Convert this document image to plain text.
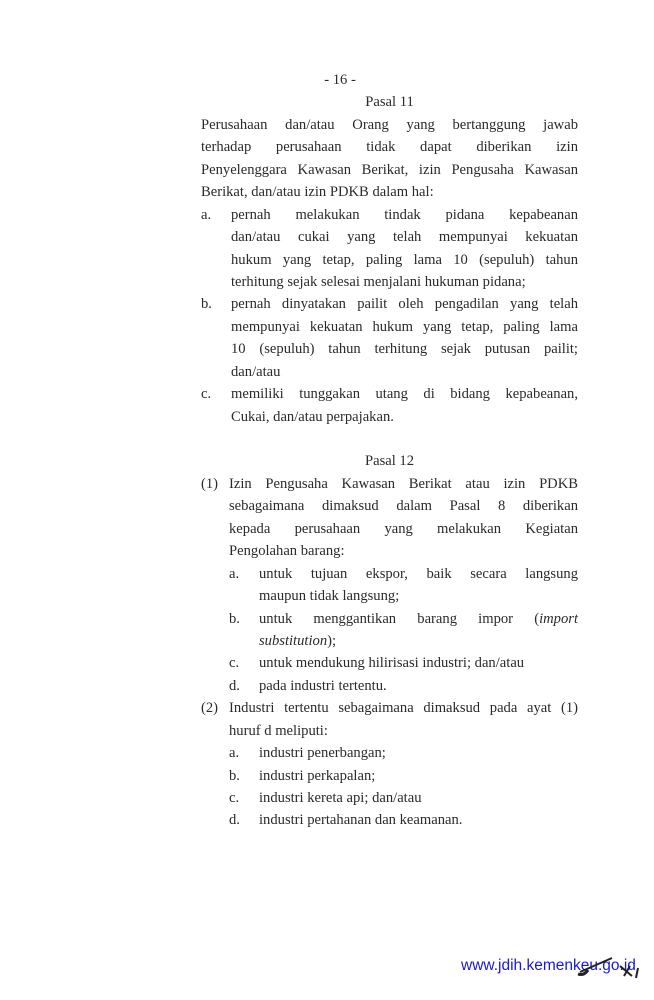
- 16 -
Pasal 11
Perusahaan dan/atau Orang yang bertanggung jawab
terhadap perusahaan tidak dapat diberikan izin
Penyelenggara Kawasan Berikat, izin Pengusaha Kawasan
Berikat, dan/atau izin PDKB dalam hal:
a. pernah melakukan tindak pidana kepabeanan
dan/atau cukai yang telah mempunyai kekuatan
hukum yang tetap, paling lama 10 (sepuluh) tahun
terhitung sejak selesai menjalani hukuman pidana;
b. pernah dinyatakan pailit oleh pengadilan yang telah
mempunyai kekuatan hukum yang tetap, paling lama
10 (sepuluh) tahun terhitung sejak putusan pailit;
dan/atau
c. memiliki tunggakan utang di bidang kepabeanan,
Cukai, dan/atau perpajakan.
Pasal 12
(1) Izin Pengusaha Kawasan Berikat atau izin PDKB
sebagaimana dimaksud dalam Pasal 8 diberikan
kepada perusahaan yang melakukan Kegiatan
Pengolahan barang:
a. untuk tujuan ekspor, baik secara langsung
maupun tidak langsung;
b. untuk menggantikan barang impor (import
substitution);
c. untuk mendukung hilirisasi industri; dan/atau
d. pada industri tertentu.
(2) Industri tertentu sebagaimana dimaksud pada ayat (1)
huruf d meliputi:
a. industri penerbangan;
b. industri perkapalan;
c. industri kereta api; dan/atau
d. industri pertahanan dan keamanan.
www.jdih.kemenkeu.go.id
